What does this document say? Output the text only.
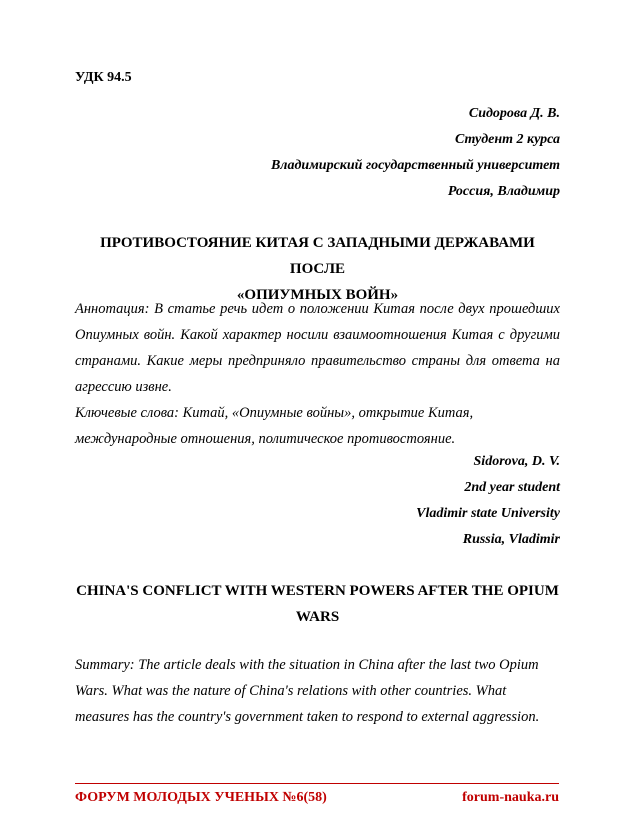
УДК 94.5
Сидорова Д. В.
Студент 2 курса
Владимирский государственный университет
Россия, Владимир
ПРОТИВОСТОЯНИЕ КИТАЯ С ЗАПАДНЫМИ ДЕРЖАВАМИ ПОСЛЕ
«ОПИУМНЫХ ВОЙН»
Аннотация: В статье речь идет о положении Китая после двух прошедших Опиумных войн. Какой характер носили взаимоотношения Китая с другими странами. Какие меры предприняло правительство страны для ответа на агрессию извне.
Ключевые слова: Китай, «Опиумные войны», открытие Китая,
международные отношения, политическое противостояние.
Sidorova, D. V.
2nd year student
Vladimir state University
Russia, Vladimir
CHINA'S CONFLICT WITH WESTERN POWERS AFTER THE OPIUM
WARS
Summary: The article deals with the situation in China after the last two Opium
Wars. What was the nature of China's relations with other countries. What
measures has the country's government taken to respond to external aggression.
ФОРУМ МОЛОДЫХ УЧЕНЫХ №6(58)	forum-nauka.ru
